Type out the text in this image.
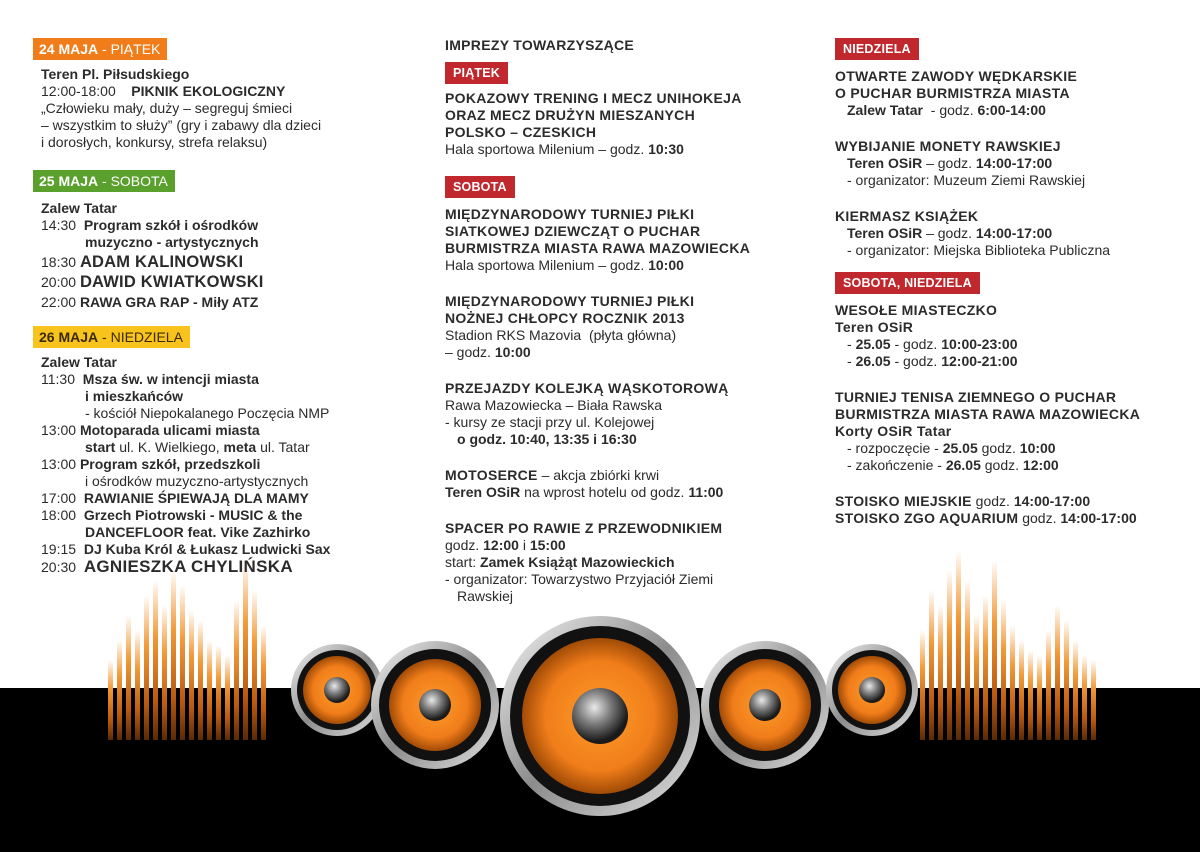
24 MAJA - PIĄTEK
Teren Pl. Piłsudskiego
12:00-18:00 PIKNIK EKOLOGICZNY
„Człowieku mały, duży – segreguj śmieci
– wszystkim to służy” (gry i zabawy dla dzieci
i dorosłych, konkursy, strefa relaksu)
25 MAJA - SOBOTA
Zalew Tatar
14:30 Program szkół i ośrodków
muzyczno - artystycznych
18:30 ADAM KALINOWSKI
20:00 DAWID KWIATKOWSKI
22:00 RAWA GRA RAP - Miły ATZ
26 MAJA - NIEDZIELA
Zalew Tatar
11:30 Msza św. w intencji miasta
i mieszkańców
- kościół Niepokalanego Poczęcia NMP
13:00 Motoparada ulicami miasta
start ul. K. Wielkiego, meta ul. Tatar
13:00 Program szkół, przedszkoli
i ośrodków muzyczno-artystycznych
17:00 RAWIANIE ŚPIEWAJĄ DLA MAMY
18:00 Grzech Piotrowski - MUSIC & the
DANCEFLOOR feat. Vike Zazhirko
19:15 DJ Kuba Król & Łukasz Ludwicki Sax
20:30 AGNIESZKA CHYLIŃSKA
IMPREZY TOWARZYSZĄCE
PIĄTEK
POKAZOWY TRENING I MECZ UNIHOKEJA
ORAZ MECZ DRUŻYN MIESZANYCH
POLSKO – CZESKICH
Hala sportowa Milenium – godz. 10:30
SOBOTA
MIĘDZYNARODOWY TURNIEJ PIŁKI
SIATKOWEJ DZIEWCZĄT O PUCHAR
BURMISTRZA MIASTA RAWA MAZOWIECKA
Hala sportowa Milenium – godz. 10:00
MIĘDZYNARODOWY TURNIEJ PIŁKI
NOŻNEJ CHŁOPCY ROCZNIK 2013
Stadion RKS Mazovia  (płyta główna)
– godz. 10:00
PRZEJAZDY KOLEJKĄ WĄSKOTOROWĄ
Rawa Mazowiecka – Biała Rawska
- kursy ze stacji przy ul. Kolejowej
o godz. 10:40, 13:35 i 16:30
MOTOSERCE – akcja zbiórki krwi
Teren OSiR na wprost hotelu od godz. 11:00
SPACER PO RAWIE Z PRZEWODNIKIEM
godz. 12:00 i 15:00
start: Zamek Książąt Mazowieckich
- organizator: Towarzystwo Przyjaciół Ziemi
Rawskiej
NIEDZIELA
OTWARTE ZAWODY WĘDKARSKIE
O PUCHAR BURMISTRZA MIASTA
Zalew Tatar  - godz. 6:00-14:00
WYBIJANIE MONETY RAWSKIEJ
Teren OSiR – godz. 14:00-17:00
- organizator: Muzeum Ziemi Rawskiej
KIERMASZ KSIĄŻEK
Teren OSiR – godz. 14:00-17:00
- organizator: Miejska Biblioteka Publiczna
SOBOTA, NIEDZIELA
WESOŁE MIASTECZKO
Teren OSiR
- 25.05 - godz. 10:00-23:00
- 26.05 - godz. 12:00-21:00
TURNIEJ TENISA ZIEMNEGO O PUCHAR
BURMISTRZA MIASTA RAWA MAZOWIECKA
Korty OSiR Tatar
- rozpoczęcie - 25.05 godz. 10:00
- zakończenie - 26.05 godz. 12:00
STOISKO MIEJSKIE godz. 14:00-17:00
STOISKO ZGO AQUARIUM godz. 14:00-17:00
